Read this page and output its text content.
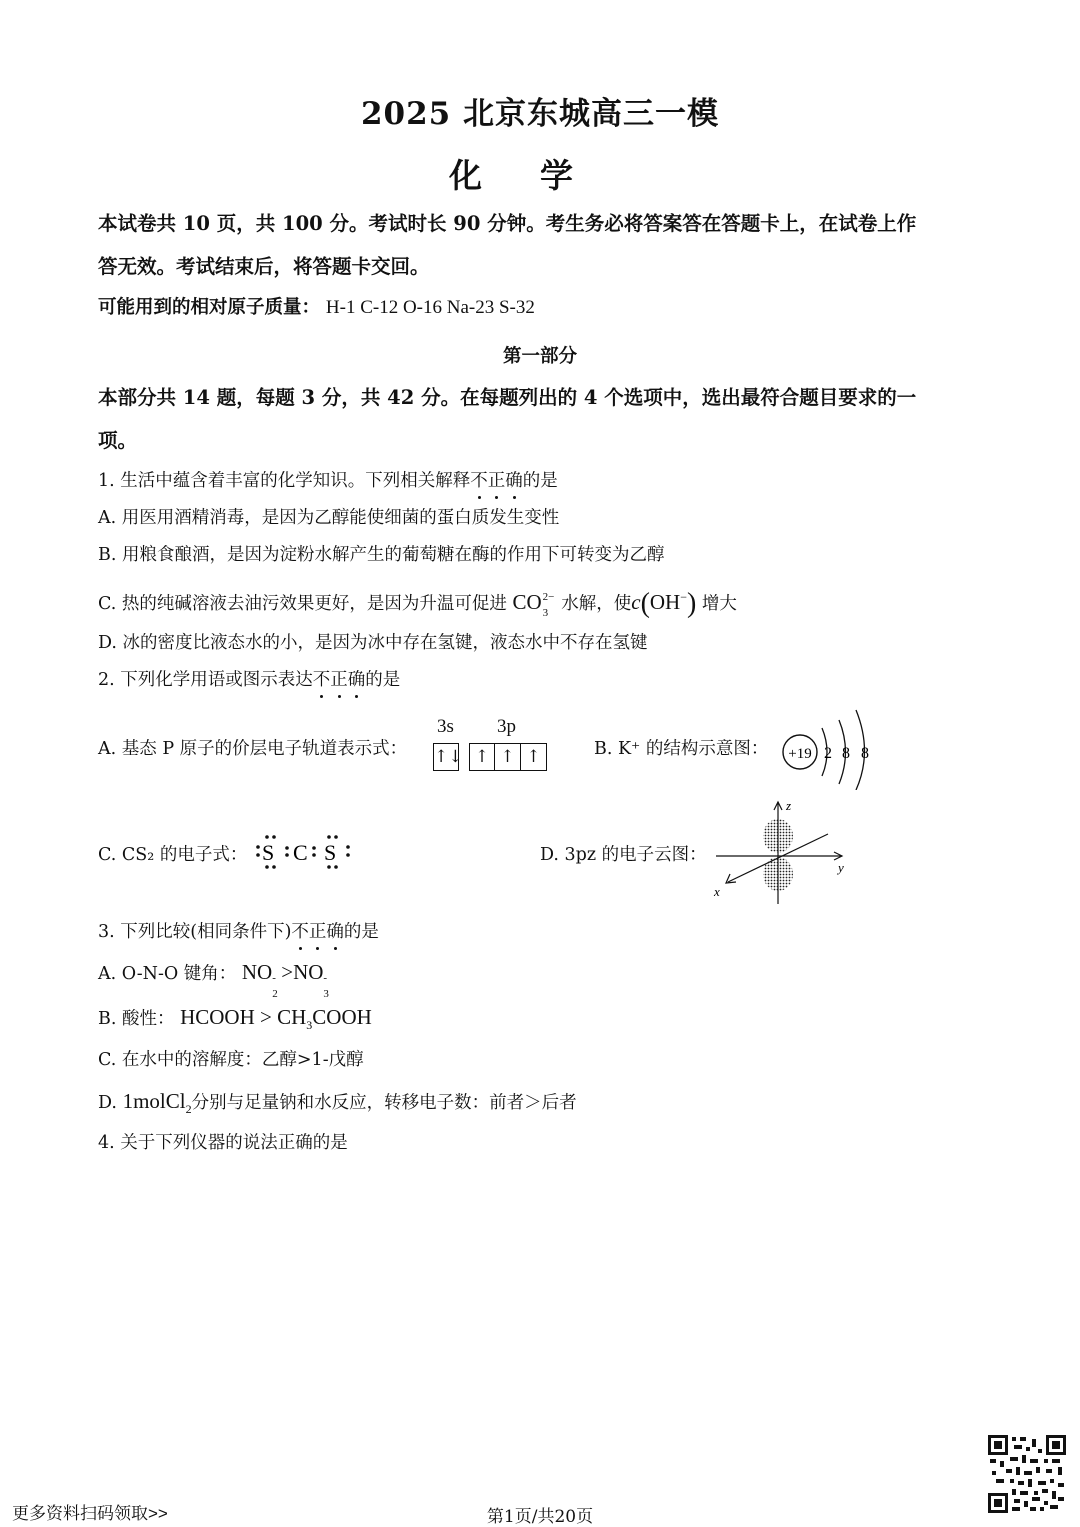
2025 北京东城高三一模
化学
本试卷共 10 页，共 100 分。考试时长 90 分钟。考生务必将答案答在答题卡上，在试卷上作
答无效。考试结束后，将答题卡交回。
可能用到的相对原子质量： H-1 C-12 O-16 Na-23 S-32
第一部分
本部分共 14 题，每题 3 分，共 42 分。在每题列出的 4 个选项中，选出最符合题目要求的一
项。
1. 生活中蕴含着丰富的化学知识。下列相关解释不正确的是
A. 用医用酒精消毒，是因为乙醇能使细菌的蛋白质发生变性
B. 用粮食酿酒，是因为淀粉水解产生的葡萄糖在酶的作用下可转变为乙醇
C. 热的纯碱溶液去油污效果更好，是因为升温可促进 CO 2−
3 水解，使c(OH−) 增大
D. 冰的密度比液态水的小，是因为冰中存在氢键，液态水中不存在氢键
2. 下列化学用语或图示表达不正确的是
A. 基态 P 原子的价层电子轨道表示式：
3s 3p
↑↓ ↑ ↑ ↑	B. K⁺ 的结构示意图： +19 2 8 8
C. CS₂ 的电子式： S C S	D. 3pz 的电子云图：
z
y
x
3. 下列比较(相同条件下)不正确的是
A. O-N-O 键角： NO -
2
>NO -
3
B. 酸性： HCOOH > $CH_3COOH$
C. 在水中的溶解度：乙醇>1-戊醇
D. 1molCl$_2$分别与足量钠和水反应，转移电子数：前者＞后者
4. 关于下列仪器的说法正确的是
更多资料扫码领取>>	第1页/共20页
